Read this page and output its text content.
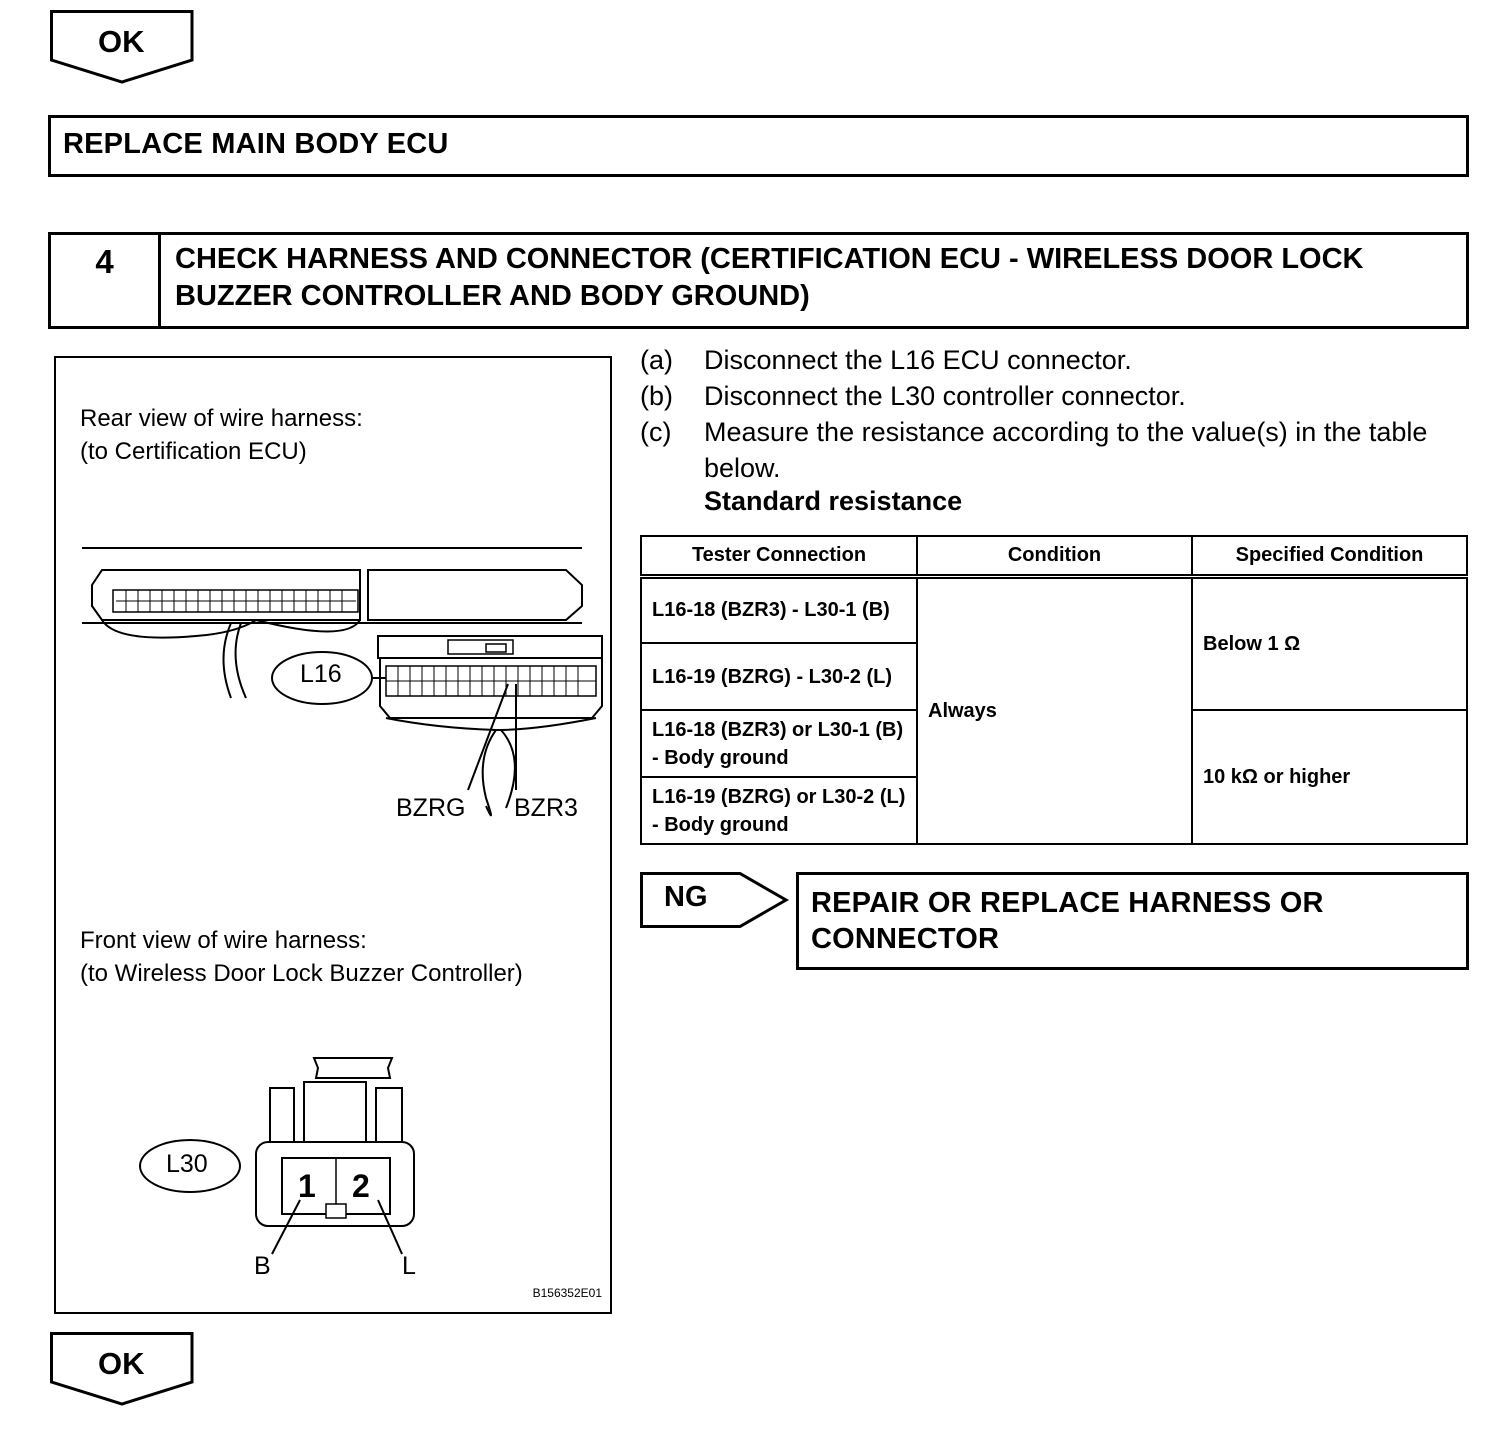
OK
REPLACE MAIN BODY ECU
4	CHECK HARNESS AND CONNECTOR (CERTIFICATION ECU - WIRELESS DOOR LOCK
BUZZER CONTROLLER AND BODY GROUND)
Rear view of wire harness:
(to Certification ECU)
L16
BZRG BZR3
Front view of wire harness:
(to Wireless Door Lock Buzzer Controller)
L30
1 2
B	L
B156352E01
(a) Disconnect the L16 ECU connector.
(b) Disconnect the L30 controller connector.
(c) Measure the resistance according to the value(s) in the table below.
Standard resistance
Tester Connection	Condition	Specified Condition
L16-18 (BZR3) - L30-1 (B)	Always	Below 1 Ω
L16-19 (BZRG) - L30-2 (L)		
L16-18 (BZR3) or L30-1 (B) - Body ground		10 kΩ or higher
L16-19 (BZRG) or L30-2 (L) - Body ground		
NG	REPAIR OR REPLACE HARNESS OR CONNECTOR
OK
